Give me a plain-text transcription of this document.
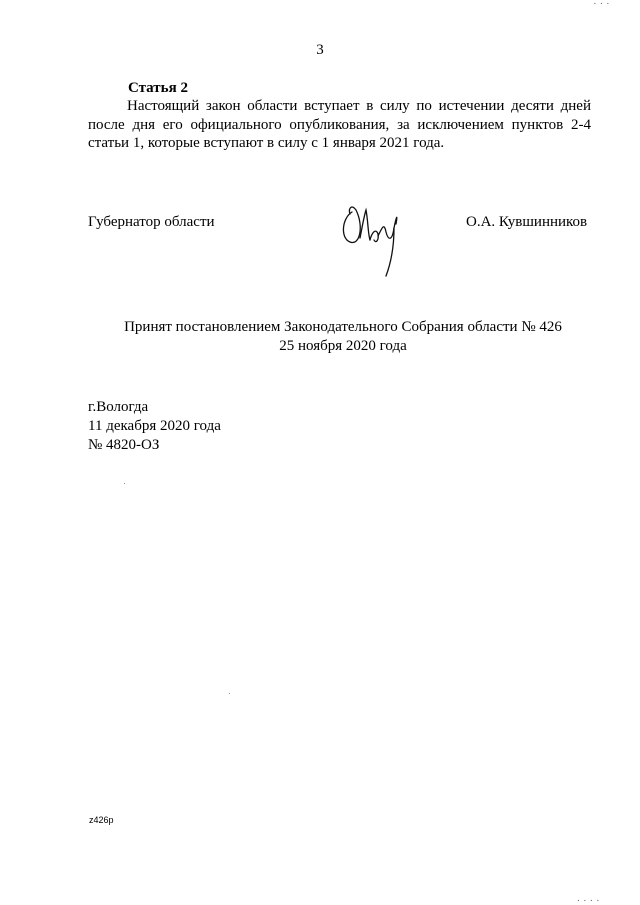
. . .
3
Статья 2

Настоящий закон области вступает в силу по истечении десяти дней после дня его официального опубликования, за исключением пунктов 2-4 статьи 1, которые вступают в силу с 1 января 2021 года.

Губернатор области	О.А. Кувшинников
Принят постановлением Законодательного Собрания области № 426
25 ноября 2020 года
г.Вологда
11 декабря 2020 года
№ 4820-ОЗ
z426p
. . . .
